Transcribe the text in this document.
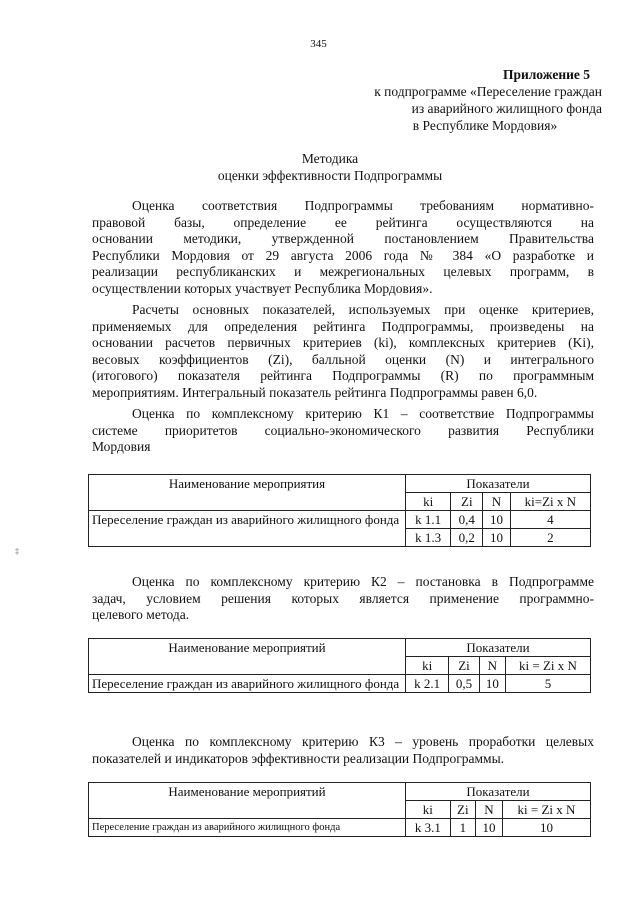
345
Приложение 5
к подпрограмме «Переселение граждан
из аварийного жилищного фонда
в Республике Мордовия»
Методика
оценки эффективности Подпрограммы
Оценка соответствия Подпрограммы требованиям нормативно-
правовой базы, определение ее рейтинга осуществляются на
основании методики, утвержденной постановлением Правительства
Республики Мордовия от 29 августа 2006 года № 384 «О разработке и
реализации республиканских и межрегиональных целевых программ, в
осуществлении которых участвует Республика Мордовия».
Расчеты основных показателей, используемых при оценке критериев,
применяемых для определения рейтинга Подпрограммы, произведены на
основании расчетов первичных критериев (ki), комплексных критериев (Ki),
весовых коэффициентов (Zi), балльной оценки (N) и интегрального
(итогового) показателя рейтинга Подпрограммы (R) по программным
мероприятиям. Интегральный показатель рейтинга Подпрограммы равен 6,0.
Оценка по комплексному критерию К1 – соответствие Подпрограммы
системе приоритетов социально-экономического развития Республики
Мордовия
Наименование мероприятия	Показатели			
	ki	Zi	N	ki=Zi x N
Переселение граждан из аварийного жилищного фонда	k 1.1	0,4	10	4
	k 1.3	0,2	10	2
‡
Оценка по комплексному критерию К2 – постановка в Подпрограмме
задач, условием решения которых является применение программно-
целевого метода.
Наименование мероприятий	Показатели			
	ki	Zi	N	ki = Zi x N
Переселение граждан из аварийного жилищного фонда	k 2.1	0,5	10	5
Оценка по комплексному критерию К3 – уровень проработки целевых
показателей и индикаторов эффективности реализации Подпрограммы.
Наименование мероприятий	Показатели			
	ki	Zi	N	ki = Zi x N
Переселение граждан из аварийного жилищного фонда	k 3.1	1	10	10
